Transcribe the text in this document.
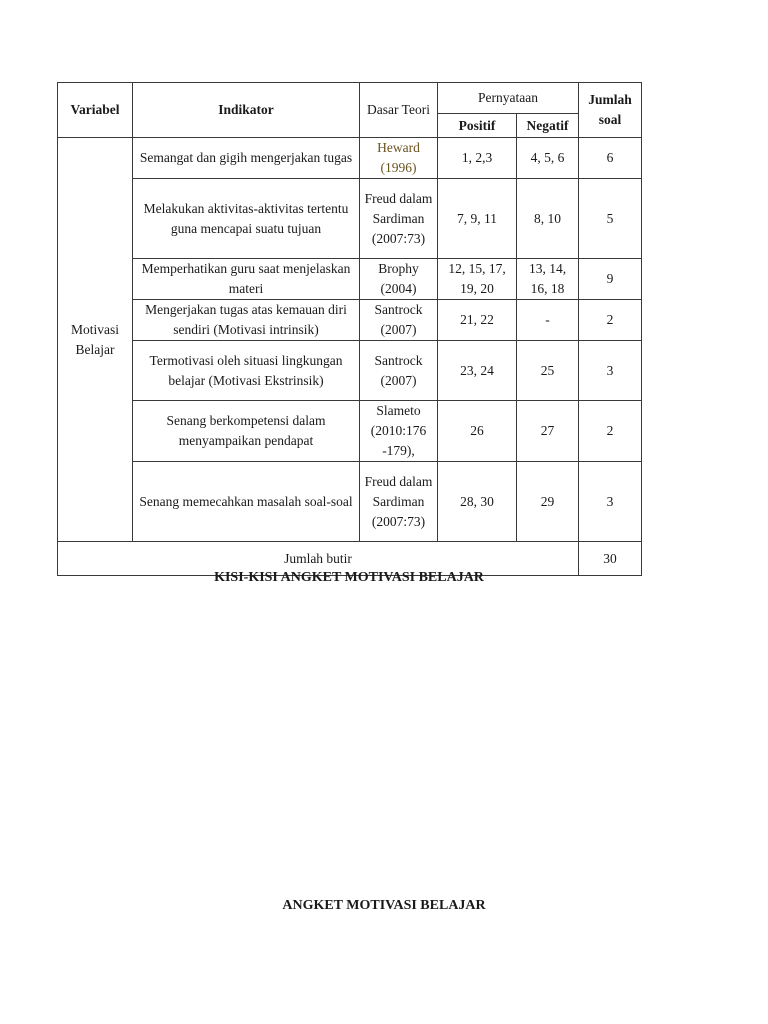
Variabel	Indikator	Dasar Teori	Pernyataan		Jumlah soal
			Positif	Negatif	
Motivasi Belajar	Semangat dan gigih mengerjakan tugas	Heward (1996)	1, 2,3	4, 5, 6	6
	Melakukan aktivitas-aktivitas tertentu guna mencapai suatu tujuan	Freud dalam Sardiman (2007:73)	7, 9, 11	8, 10	5
	Memperhatikan guru saat menjelaskan materi	Brophy (2004)	12, 15, 17, 19, 20	13, 14, 16, 18	9
	Mengerjakan tugas atas kemauan diri sendiri (Motivasi intrinsik)	Santrock (2007)	21, 22	-	2
	Termotivasi oleh situasi lingkungan belajar (Motivasi Ekstrinsik)	Santrock (2007)	23, 24	25	3
	Senang berkompetensi dalam menyampaikan pendapat	Slameto (2010:176 -179),	26	27	2
	Senang memecahkan masalah soal-soal	Freud dalam Sardiman (2007:73)	28, 30	29	3
Jumlah butir					30
KISI-KISI ANGKET MOTIVASI BELAJAR
ANGKET MOTIVASI BELAJAR
